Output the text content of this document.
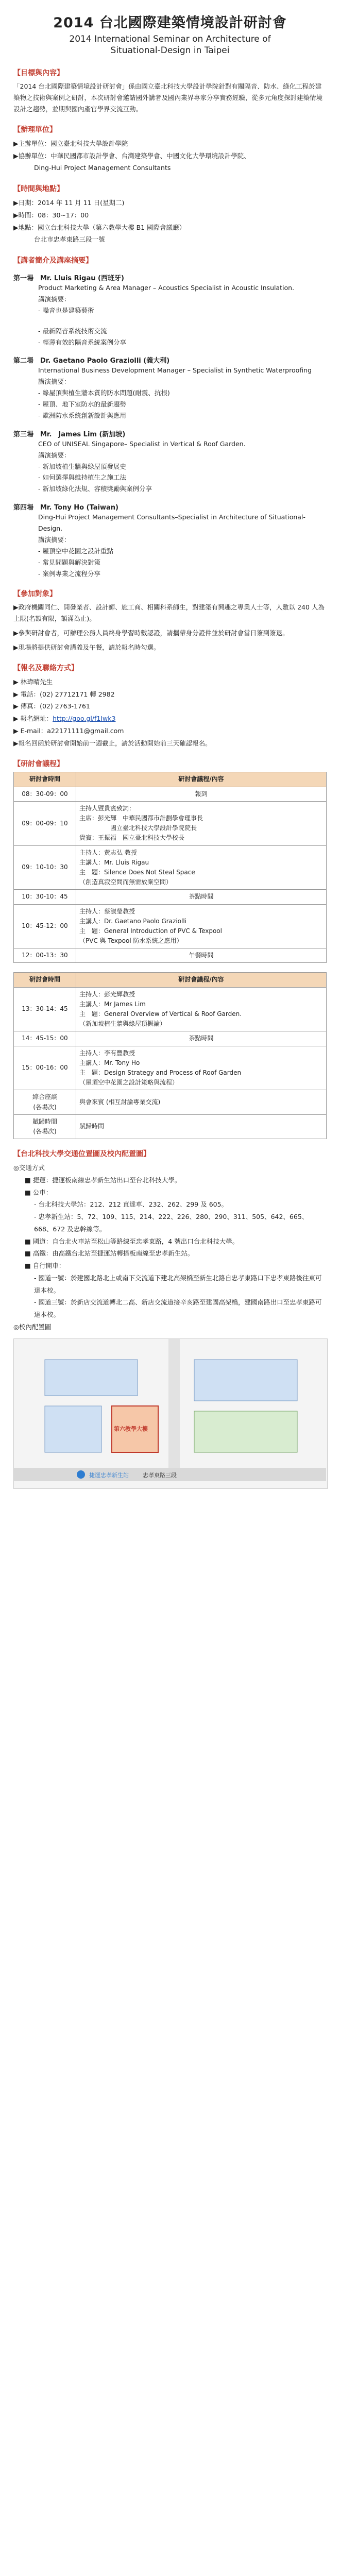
2014 台北國際建築情境設計研討會
2014 International Seminar on Architecture of
Situational-Design in Taipei
【目標與內容】
「2014 台北國際建築情境設計研討會」係由國立臺北科技大學設計學院針對有關隔音、防水、綠化工程於建築物之技術與案例之研討，本次研討會邀請國外講者及國內業界專家分享實務經驗，從多元角度探討建築情境設計之趨勢，並期與國內產官學界交流互動。
【辦理單位】
▶主辦單位：國立臺北科技大學設計學院
▶協辦單位：中華民國都市設計學會、台灣建築學會、中國文化大學環境設計學院、
Ding-Hui Project Management Consultants
【時間與地點】
▶日期：2014 年 11 月 11 日(星期二)
▶時間：08：30~17：00
▶地點：國立台北科技大學（第六教學大樓 B1 國際會議廳）
台北市忠孝東路三段一號
【講者簡介及講座摘要】
第一場　Mr. Lluis Rigau (西班牙)
Product Marketing & Area Manager – Acoustics Specialist in Acoustic Insulation.
講演摘要：
- 噪音也是建築藝術
- 最新隔音系統技術交流
- 輕薄有效的隔音系統案例分享
第二場　Dr. Gaetano Paolo Graziolli (義大利)
International Business Development Manager – Specialist in Synthetic Waterproofing
講演摘要：
- 綠屋頂與植生牆本質的防水問題(耐震、抗根)
- 屋頂、地下室防水的最新趨勢
- 歐洲防水系統創新設計與應用
第三場　Mr.　James Lim (新加坡)
CEO of UNISEAL Singapore– Specialist in Vertical & Roof Garden.
講演摘要：
- 新加坡植生牆與綠屋頂發展史
- 如何選擇與維持植生之施工法
- 新加坡綠化法規、容積獎勵與案例分享
第四場　Mr. Tony Ho (Taiwan)
Ding-Hui Project Management Consultants–Specialist in Architecture of Situational-Design.
講演摘要：
- 屋頂空中花園之設計重點
- 常見問題與解決對策
- 案例專業之流程分享
【參加對象】
▶政府機關同仁、開發業者、設計師、施工商、相關科系師生，對建築有興趣之專業人士等，人數以 240 人為上限(名額有限，額滿為止)。
▶參與研討會者，可辦理公務人員終身學習時數認證，請攜帶身分證件並於研討會當日簽到簽退。
▶現場將提供研討會講義及午餐，請於報名時勾選。
【報名及聯絡方式】
▶ 林瑋晴先生
▶ 電話：(02) 27712171 轉 2982
▶ 傳真：(02) 2763-1761
▶ 報名網址：http://goo.gl/f1Iwk3
▶ E-mail：a22171111@gmail.com
▶報名回函於研討會開始前一週截止，請於活動開始前三天確認報名。
【研討會議程】
研討會時間	研討會議程/內容
08：30-09：00	報到

09：00-09：10	主持人暨貴賓致詞：
主席：彭光輝　中華民國都市計劃學會理事長
　　　　　國立臺北科技大學設計學院院長
貴賓：王振福　國立臺北科技大學校長

09：10-10：30	主持人：黃志弘 教授
主講人：Mr. Lluis Rigau
主　題：Silence Does Not Steal Space
（創造真寂空間而無需放棄空間）

10：30-10：45	茶點時間

10：45-12：00	主持人：蔡淑瑩教授
主講人：Dr. Gaetano Paolo Graziolli
主　題：General Introduction of PVC & Texpool
（PVC 與 Texpool 防水系統之應用）

12：00-13：30	午餐時間
研討會時間	研討會議程/內容
13：30-14：45	主持人：彭光輝教授
主講人：Mr James Lim
主　題：General Overview of Vertical & Roof Garden.
（新加坡植生牆與綠屋頂概論）

14：45-15：00	茶點時間

15：00-16：00	主持人：李有豐教授
主講人：Mr. Tony Ho
主　題：Design Strategy and Process of Roof Garden
（屋頂空中花園之設計策略與流程）

綜合座談
(各場次)	與會來賓 (相互討論專業交流)

賦歸時間
(各場次)	賦歸時間
【台北科技大學交通位置圖及校內配置圖】
◎交通方式
■ 捷運：捷運板南線忠孝新生站出口至台北科技大學。
■ 公車：
- 台北科技大學站：212、212 直達車、232、262、299 及 605。
- 忠孝新生站：5、72、109、115、214、222、226、280、290、311、505、642、665、668、672 及忠幹線等。
■ 國道：自台北火車站至松山等路線至忠孝東路，4 號出口台北科技大學。
■ 高鐵：由高鐵台北站至捷運站轉搭板南線至忠孝新生站。
■ 自行開車：
- 國道一號：於建國北路北上或南下交流道下建北高架橋至新生北路自忠孝東路口下忠孝東路後往東可達本校。
- 國道三號：於新店交流道轉北二高、新店交流道接辛亥路至建國高架橋，建國南路出口至忠孝東路可達本校。
◎校內配置圖
第六教學大樓
忠孝東路三段
捷運忠孝新生站
